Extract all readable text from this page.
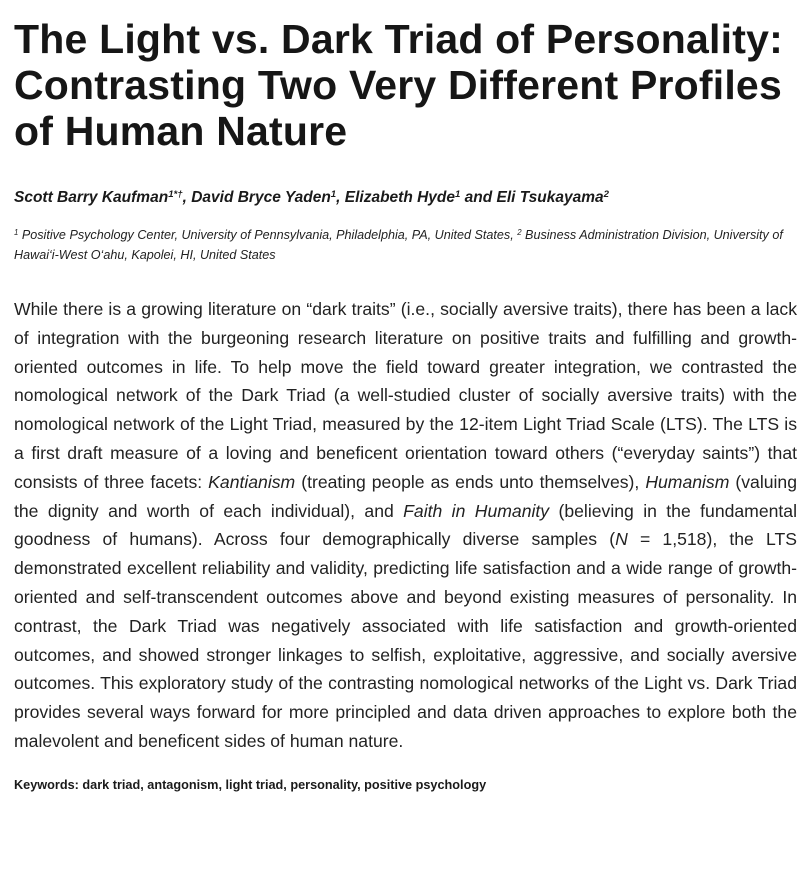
The Light vs. Dark Triad of Personality: Contrasting Two Very Different Profiles of Human Nature

Scott Barry Kaufman$^{1*\dagger}$, David Bryce Yaden$^1$, Elizabeth Hyde$^1$ and Eli Tsukayama$^2$

$^1$ Positive Psychology Center, University of Pennsylvania, Philadelphia, PA, United States, $^2$ Business Administration Division, University of Hawai‘i-West O‘ahu, Kapolei, HI, United States

While there is a growing literature on “dark traits” (i.e., socially aversive traits), there has been a lack of integration with the burgeoning research literature on positive traits and fulfilling and growth-oriented outcomes in life. To help move the field toward greater integration, we contrasted the nomological network of the Dark Triad (a well-studied cluster of socially aversive traits) with the nomological network of the Light Triad, measured by the 12-item Light Triad Scale (LTS). The LTS is a first draft measure of a loving and beneficent orientation toward others (“everyday saints”) that consists of three facets: Kantianism (treating people as ends unto themselves), Humanism (valuing the dignity and worth of each individual), and Faith in Humanity (believing in the fundamental goodness of humans). Across four demographically diverse samples (N = 1,518), the LTS demonstrated excellent reliability and validity, predicting life satisfaction and a wide range of growth-oriented and self-transcendent outcomes above and beyond existing measures of personality. In contrast, the Dark Triad was negatively associated with life satisfaction and growth-oriented outcomes, and showed stronger linkages to selfish, exploitative, aggressive, and socially aversive outcomes. This exploratory study of the contrasting nomological networks of the Light vs. Dark Triad provides several ways forward for more principled and data driven approaches to explore both the malevolent and beneficent sides of human nature.

Keywords: dark triad, antagonism, light triad, personality, positive psychology
